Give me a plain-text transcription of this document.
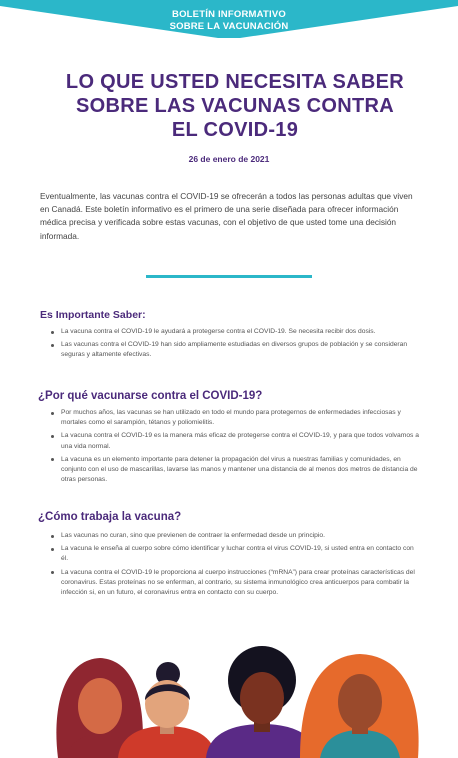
BOLETÍN INFORMATIVO
SOBRE LA VACUNACIÓN
LO QUE USTED NECESITA SABER
SOBRE LAS VACUNAS CONTRA
EL COVID-19
26 de enero de 2021

Eventualmente, las vacunas contra el COVID-19 se ofrecerán a todos las personas adultas que viven en Canadá. Este boletín informativo es el primero de una serie diseñada para ofrecer información médica precisa y verificada sobre estas vacunas, con el objetivo de que usted tome una decisión informada.

Es Importante Saber:
La vacuna contra el COVID-19 le ayudará a protegerse contra el COVID-19. Se necesita recibir dos dosis.
Las vacunas contra el COVID-19 han sido ampliamente estudiadas en diversos grupos de población y se consideran seguras y altamente efectivas.
¿Por qué vacunarse contra el COVID-19?
Por muchos años, las vacunas se han utilizado en todo el mundo para protegernos de enfermedades infecciosas y mortales como el sarampión, tétanos y poliomielitis.
La vacuna contra el COVID-19 es la manera más eficaz de protegerse contra el COVID-19, y para que todos volvamos a una vida normal.
La vacuna es un elemento importante para detener la propagación del virus a nuestras familias y comunidades, en conjunto con el uso de mascarillas, lavarse las manos y mantener una distancia de al menos dos metros de distancia de otras personas.
¿Cómo trabaja la vacuna?
Las vacunas no curan, sino que previenen de contraer la enfermedad desde un principio.
La vacuna le enseña al cuerpo sobre cómo identificar y luchar contra el virus COVID-19, si usted entra en contacto con él.
La vacuna contra el COVID-19 le proporciona al cuerpo instrucciones (“mRNA”) para crear proteínas características del coronavirus. Estas proteínas no se enferman, al contrario, su sistema inmunológico crea anticuerpos para combatir la infección si, en un futuro, el coronavirus entra en contacto con su cuerpo.
